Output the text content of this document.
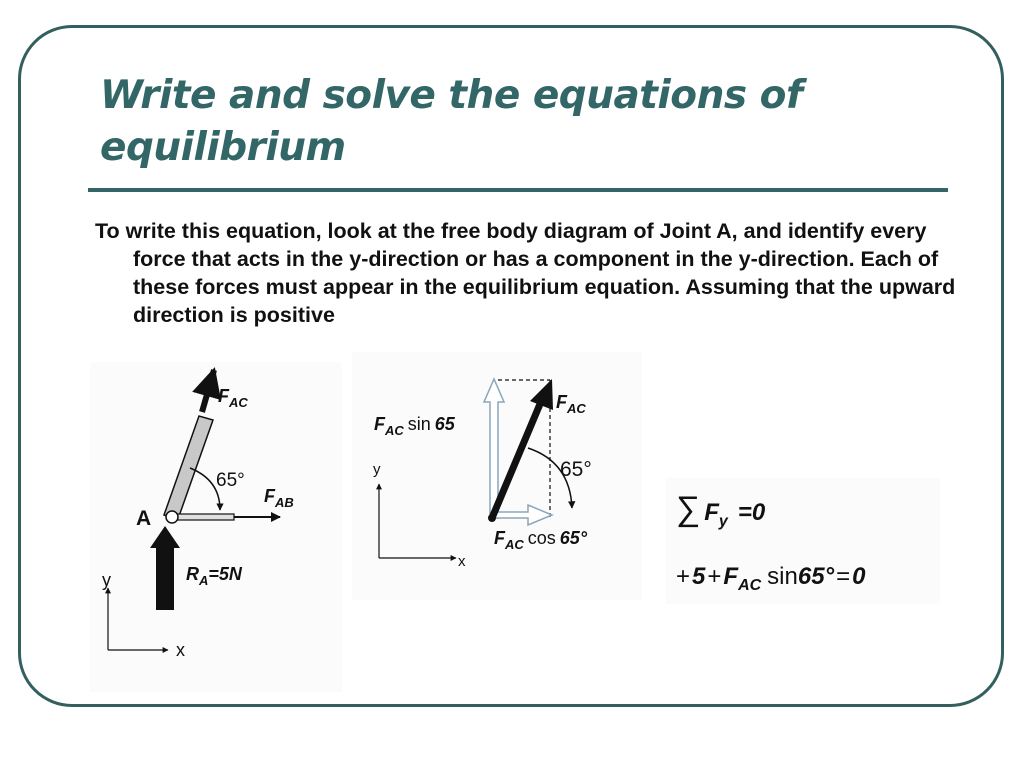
Write and solve the equations of equilibrium

To write this equation, look at the free body diagram of Joint A, and identify every force that acts in the y-direction or has a component in the y-direction. Each of these forces must appear in the equilibrium equation. Assuming that the upward direction is positive

$F_{AC}$
65°
$F_{AB}$
A
$R_A=5N$
y
x
$F_{AC}$
$F_{AC}$ sin 65
65°
$F_{AC}$ cos 65°
y
x
∑ $F_y =0$
$+5+F_{AC}$ sin65°=0
